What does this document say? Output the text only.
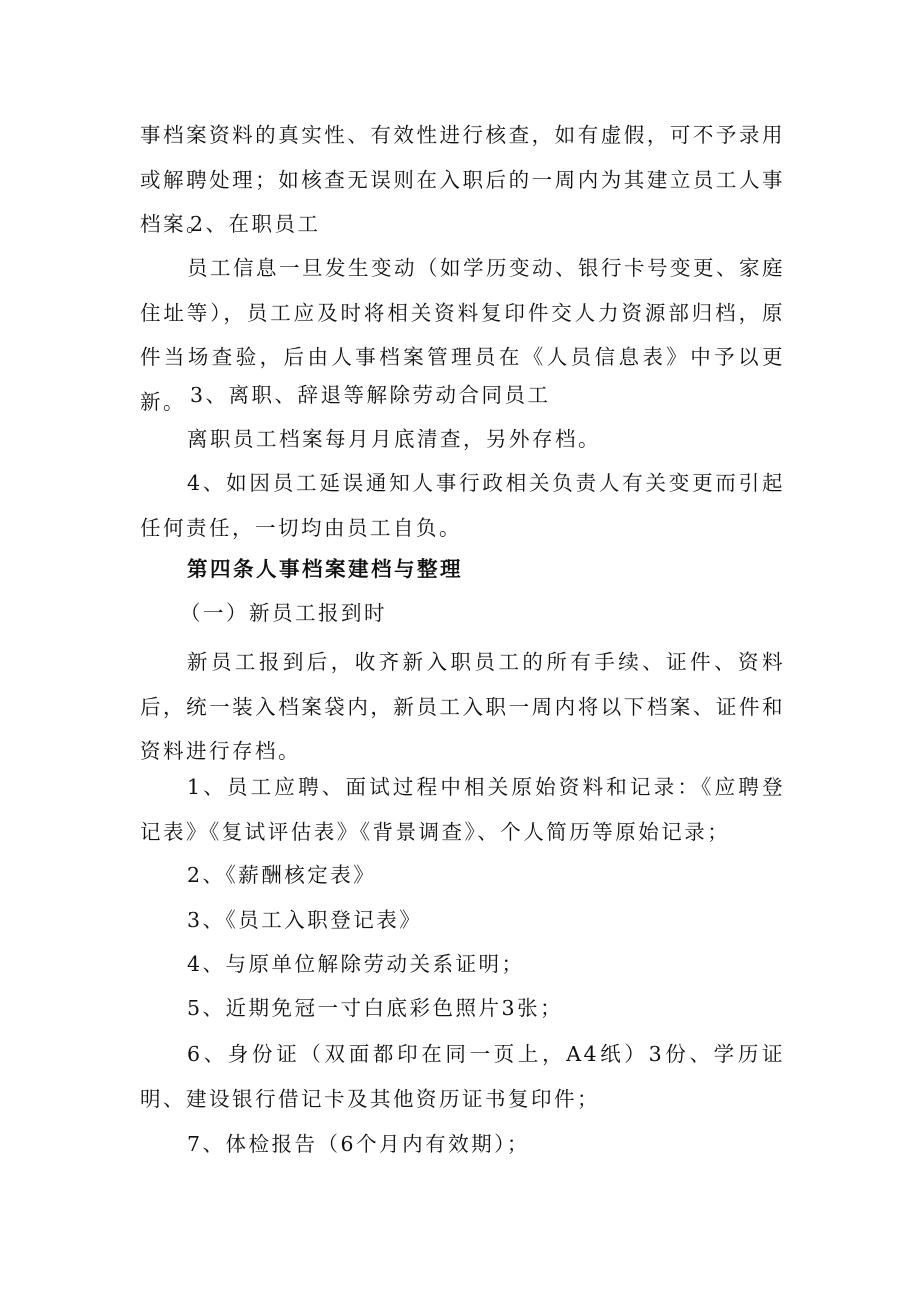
事档案资料的真实性、有效性进行核查，如有虚假，可不予录用或解聘处理；如核查无误则在入职后的一周内为其建立员工人事档案。

2、在职员工

员工信息一旦发生变动（如学历变动、银行卡号变更、家庭住址等），员工应及时将相关资料复印件交人力资源部归档，原件当场查验，后由人事档案管理员在《人员信息表》中予以更新。 3、离职、辞退等解除劳动合同员工

离职员工档案每月月底清查，另外存档。

4、如因员工延误通知人事行政相关负责人有关变更而引起任何责任，一切均由员工自负。

第四条人事档案建档与整理

（一）新员工报到时

新员工报到后，收齐新入职员工的所有手续、证件、资料后，统一装入档案袋内，新员工入职一周内将以下档案、证件和资料进行存档。

1、员工应聘、面试过程中相关原始资料和记录：《应聘登记表》《复试评估表》《背景调查》、个人简历等原始记录；

2、《薪酬核定表》

3、《员工入职登记表》

4、与原单位解除劳动关系证明；

5、近期免冠一寸白底彩色照片3张；

6、身份证（双面都印在同一页上，A4纸）3份、学历证明、建设银行借记卡及其他资历证书复印件；

7、体检报告（6个月内有效期）；
